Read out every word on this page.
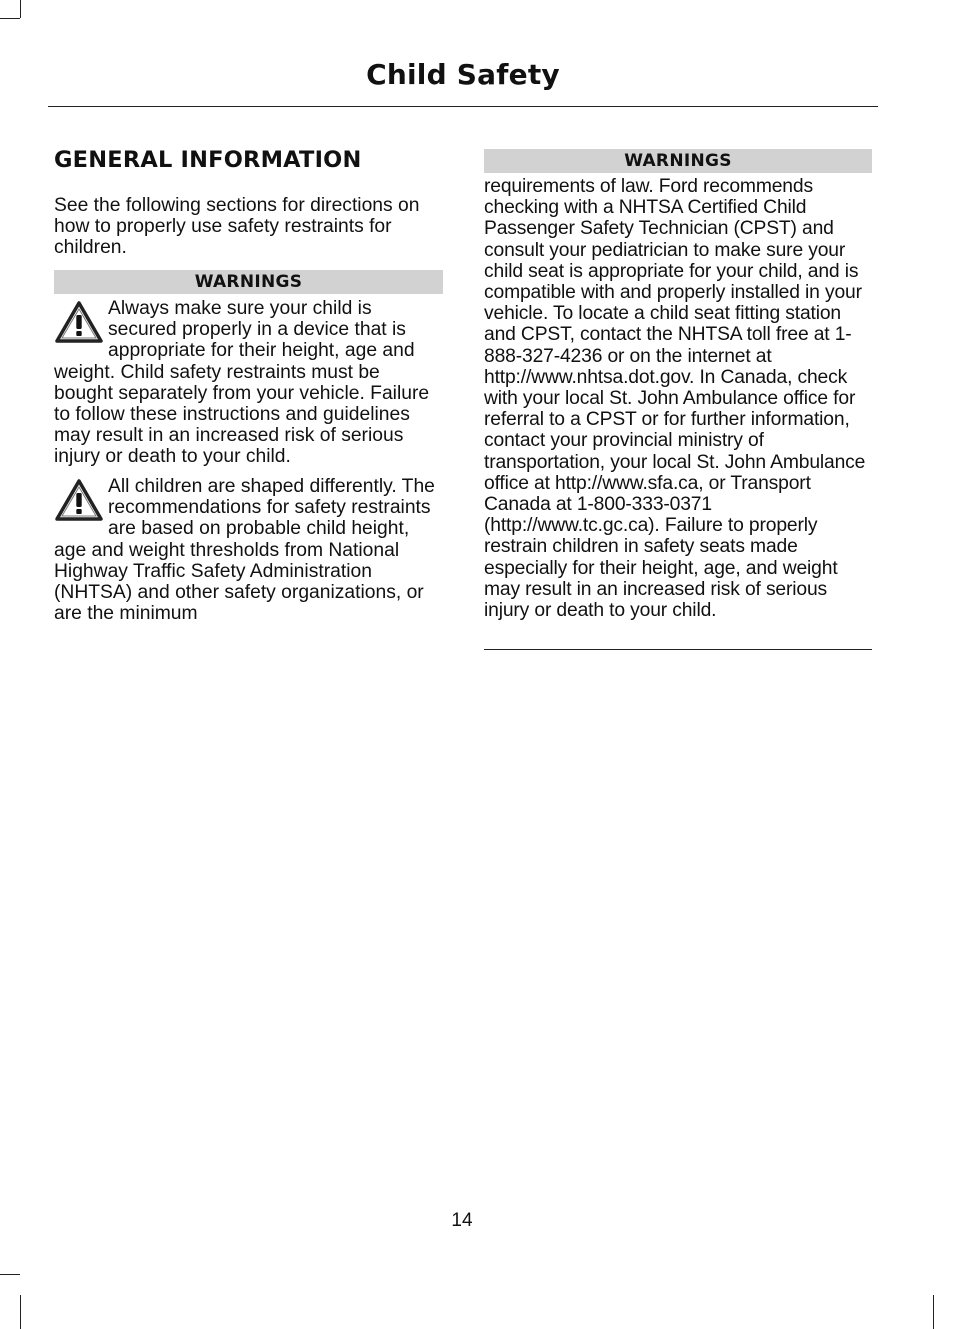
Child Safety
GENERAL INFORMATION
See the following sections for directions on how to properly use safety restraints for children.
WARNINGS
Always make sure your child is secured properly in a device that is appropriate for their height, age and weight. Child safety restraints must be bought separately from your vehicle. Failure to follow these instructions and guidelines may result in an increased risk of serious injury or death to your child.
All children are shaped differently. The recommendations for safety restraints are based on probable child height, age and weight thresholds from National Highway Traffic Safety Administration (NHTSA) and other safety organizations, or are the minimum
WARNINGS
requirements of law. Ford recommends checking with a NHTSA Certified Child Passenger Safety Technician (CPST) and consult your pediatrician to make sure your child seat is appropriate for your child, and is compatible with and properly installed in your vehicle. To locate a child seat fitting station and CPST, contact the NHTSA toll free at 1-888-327-4236 or on the internet at http://www.nhtsa.dot.gov. In Canada, check with your local St. John Ambulance office for referral to a CPST or for further information, contact your provincial ministry of transportation, your local St. John Ambulance office at http://www.sfa.ca, or Transport Canada at 1-800-333-0371 (http://www.tc.gc.ca). Failure to properly restrain children in safety seats made especially for their height, age, and weight may result in an increased risk of serious injury or death to your child.
14
